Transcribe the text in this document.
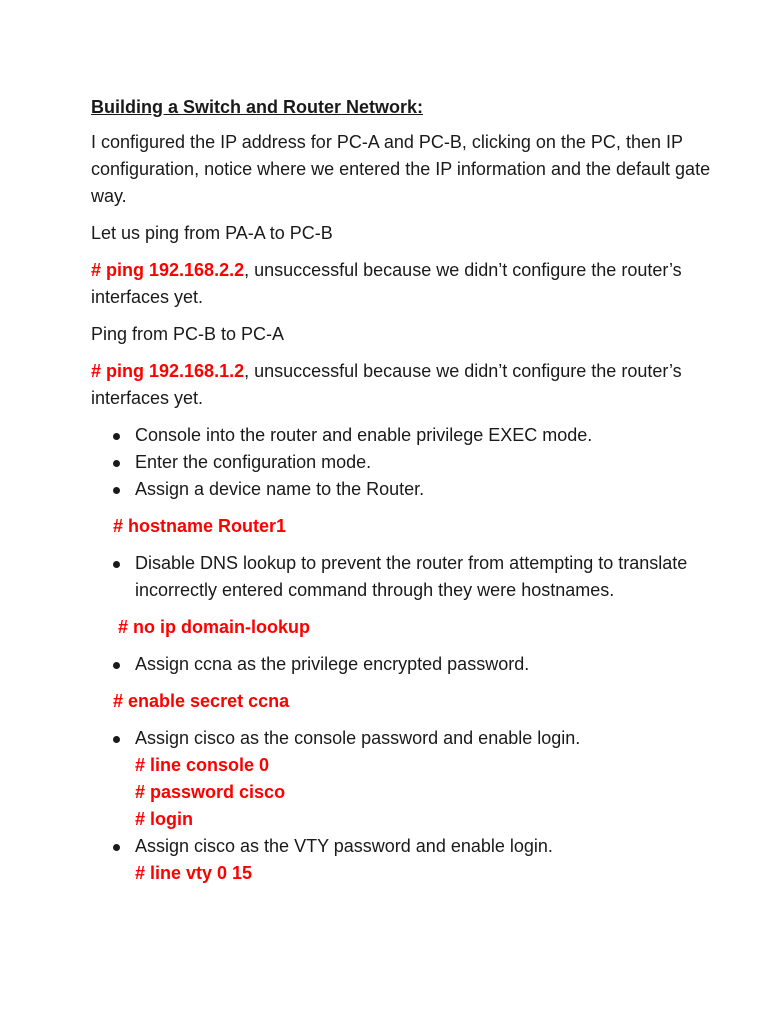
Building a Switch and Router Network:

I configured the IP address for PC-A and PC-B, clicking on the PC, then IP configuration, notice where we entered the IP information and the default gate way.

Let us ping from PA-A to PC-B

# ping 192.168.2.2, unsuccessful because we didn’t configure the router’s interfaces yet.

Ping from PC-B to PC-A

# ping 192.168.1.2, unsuccessful because we didn’t configure the router’s interfaces yet.

Console into the router and enable privilege EXEC mode.
Enter the configuration mode.
Assign a device name to the Router.

# hostname Router1

Disable DNS lookup to prevent the router from attempting to translate incorrectly entered command through they were hostnames.

# no ip domain-lookup

Assign ccna as the privilege encrypted password.

# enable secret ccna

Assign cisco as the console password and enable login.
# line console 0
# password cisco
# login
Assign cisco as the VTY password and enable login.
# line vty 0 15
